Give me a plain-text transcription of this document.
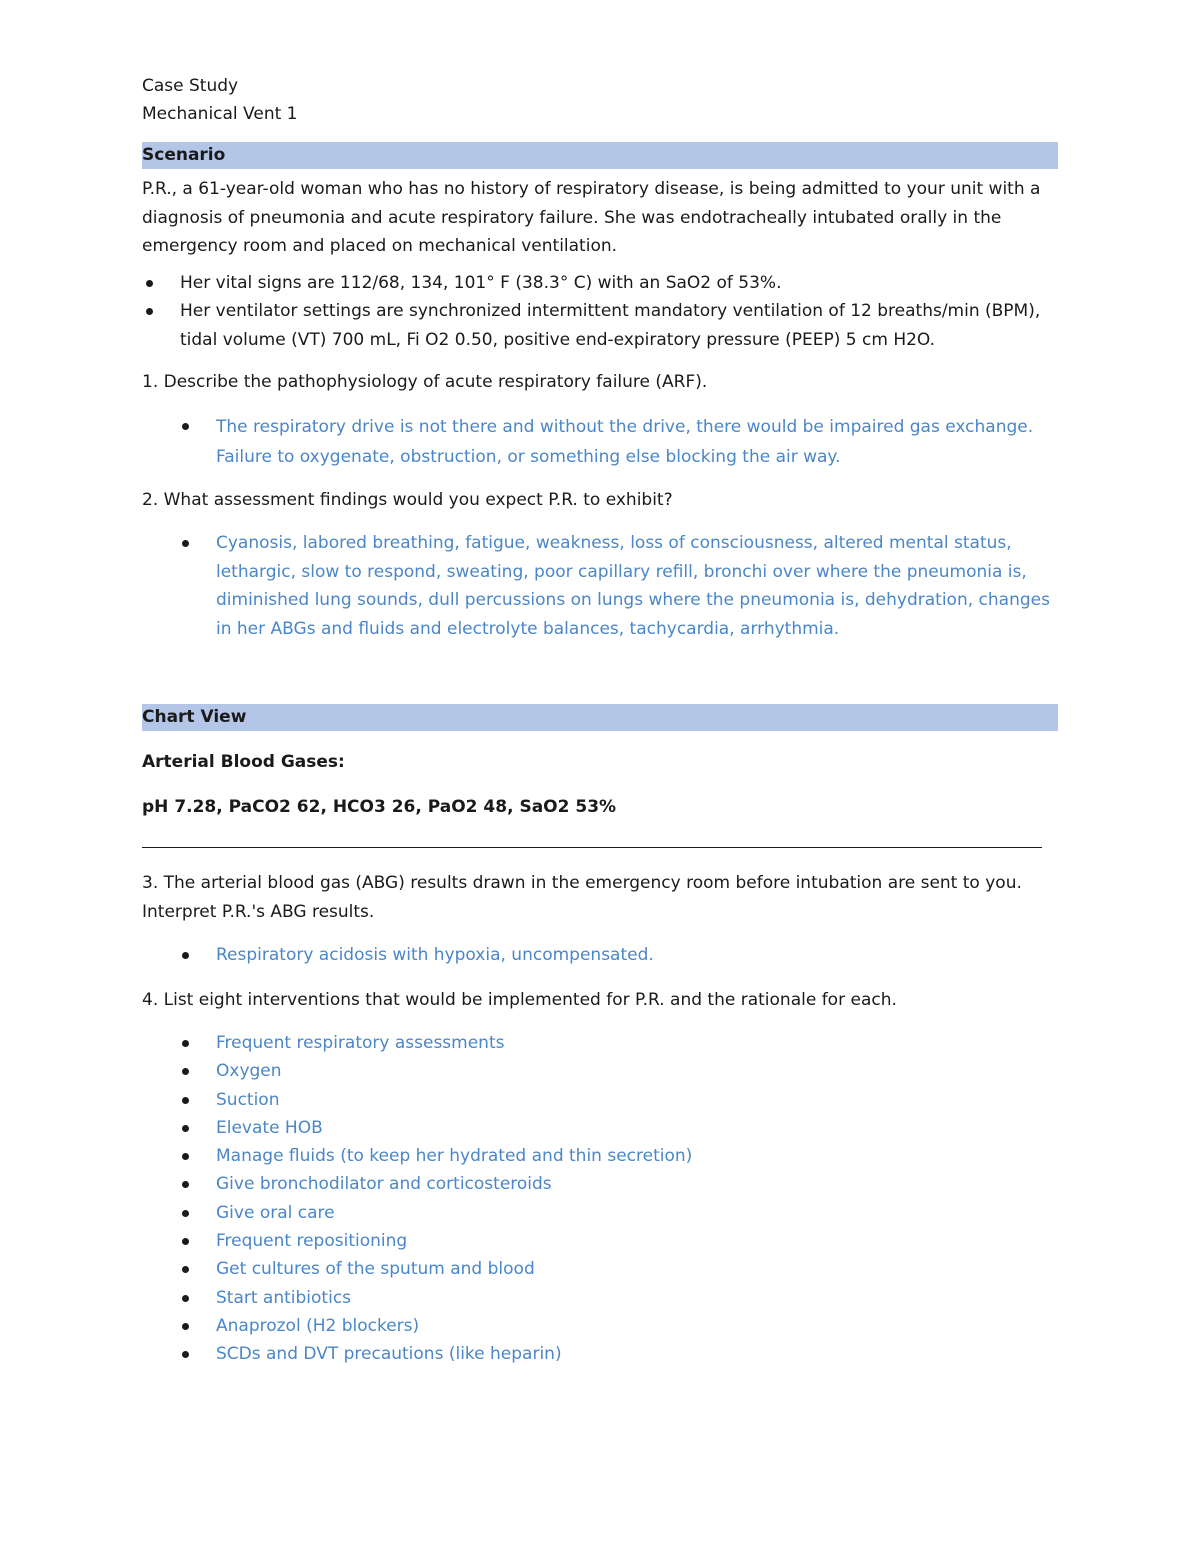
Case Study

Mechanical Vent 1

Scenario

P.R., a 61-year-old woman who has no history of respiratory disease, is being admitted to your unit with a diagnosis of pneumonia and acute respiratory failure. She was endotracheally intubated orally in the emergency room and placed on mechanical ventilation.

Her vital signs are 112/68, 134, 101° F (38.3° C) with an SaO2 of 53%.
Her ventilator settings are synchronized intermittent mandatory ventilation of 12 breaths/min (BPM), tidal volume (VT) 700 mL, Fi O2 0.50, positive end-expiratory pressure (PEEP) 5 cm H2O.

1. Describe the pathophysiology of acute respiratory failure (ARF).

The respiratory drive is not there and without the drive, there would be impaired gas exchange. Failure to oxygenate, obstruction, or something else blocking the air way.

2. What assessment findings would you expect P.R. to exhibit?

Cyanosis, labored breathing, fatigue, weakness, loss of consciousness, altered mental status, lethargic, slow to respond, sweating, poor capillary refill, bronchi over where the pneumonia is, diminished lung sounds, dull percussions on lungs where the pneumonia is, dehydration, changes in her ABGs and fluids and electrolyte balances, tachycardia, arrhythmia.

Chart View

Arterial Blood Gases:

pH 7.28, PaCO2 62, HCO3 26, PaO2 48, SaO2 53%

3. The arterial blood gas (ABG) results drawn in the emergency room before intubation are sent to you. Interpret P.R.'s ABG results.

Respiratory acidosis with hypoxia, uncompensated.

4. List eight interventions that would be implemented for P.R. and the rationale for each.

Frequent respiratory assessments
Oxygen
Suction
Elevate HOB
Manage fluids (to keep her hydrated and thin secretion)
Give bronchodilator and corticosteroids
Give oral care
Frequent repositioning
Get cultures of the sputum and blood
Start antibiotics
Anaprozol (H2 blockers)
SCDs and DVT precautions (like heparin)
